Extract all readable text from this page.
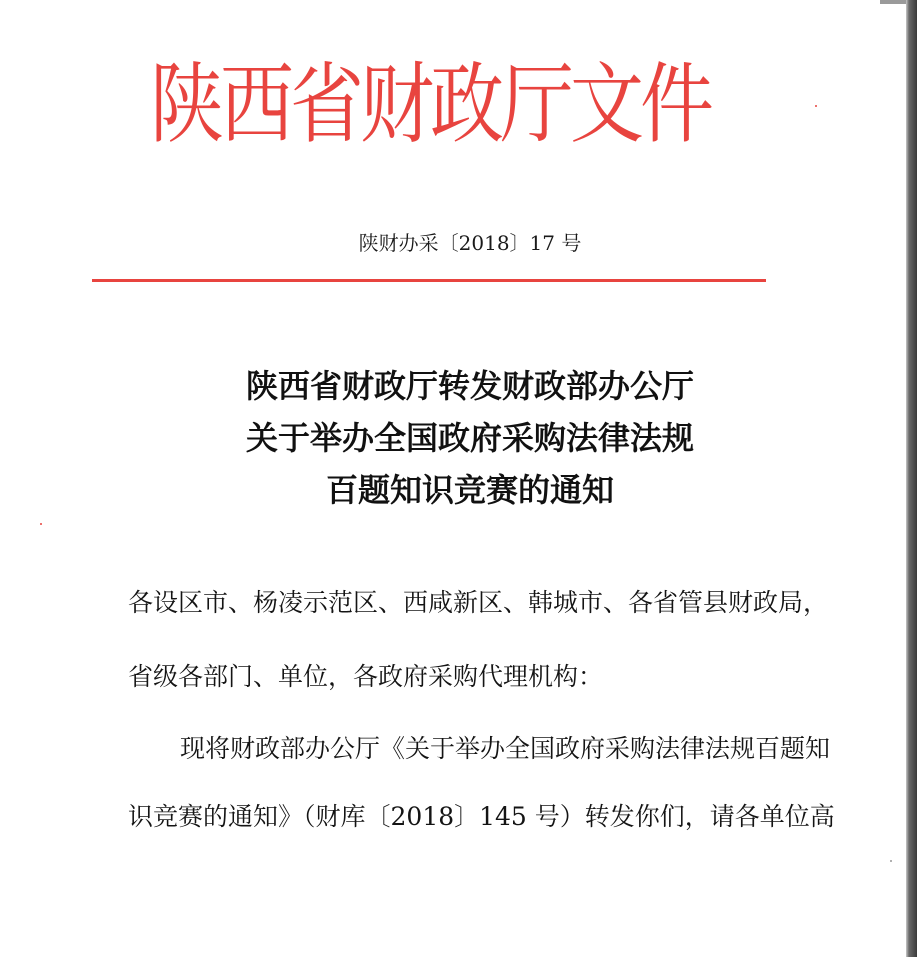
陕西省财政厅文件
陕财办采〔2018〕17 号
陕西省财政厅转发财政部办公厅
关于举办全国政府采购法律法规
百题知识竞赛的通知
各设区市、杨凌示范区、西咸新区、韩城市、各省管县财政局，
省级各部门、单位，各政府采购代理机构：
现将财政部办公厅《关于举办全国政府采购法律法规百题知
识竞赛的通知》（财库〔2018〕145 号）转发你们，请各单位高
